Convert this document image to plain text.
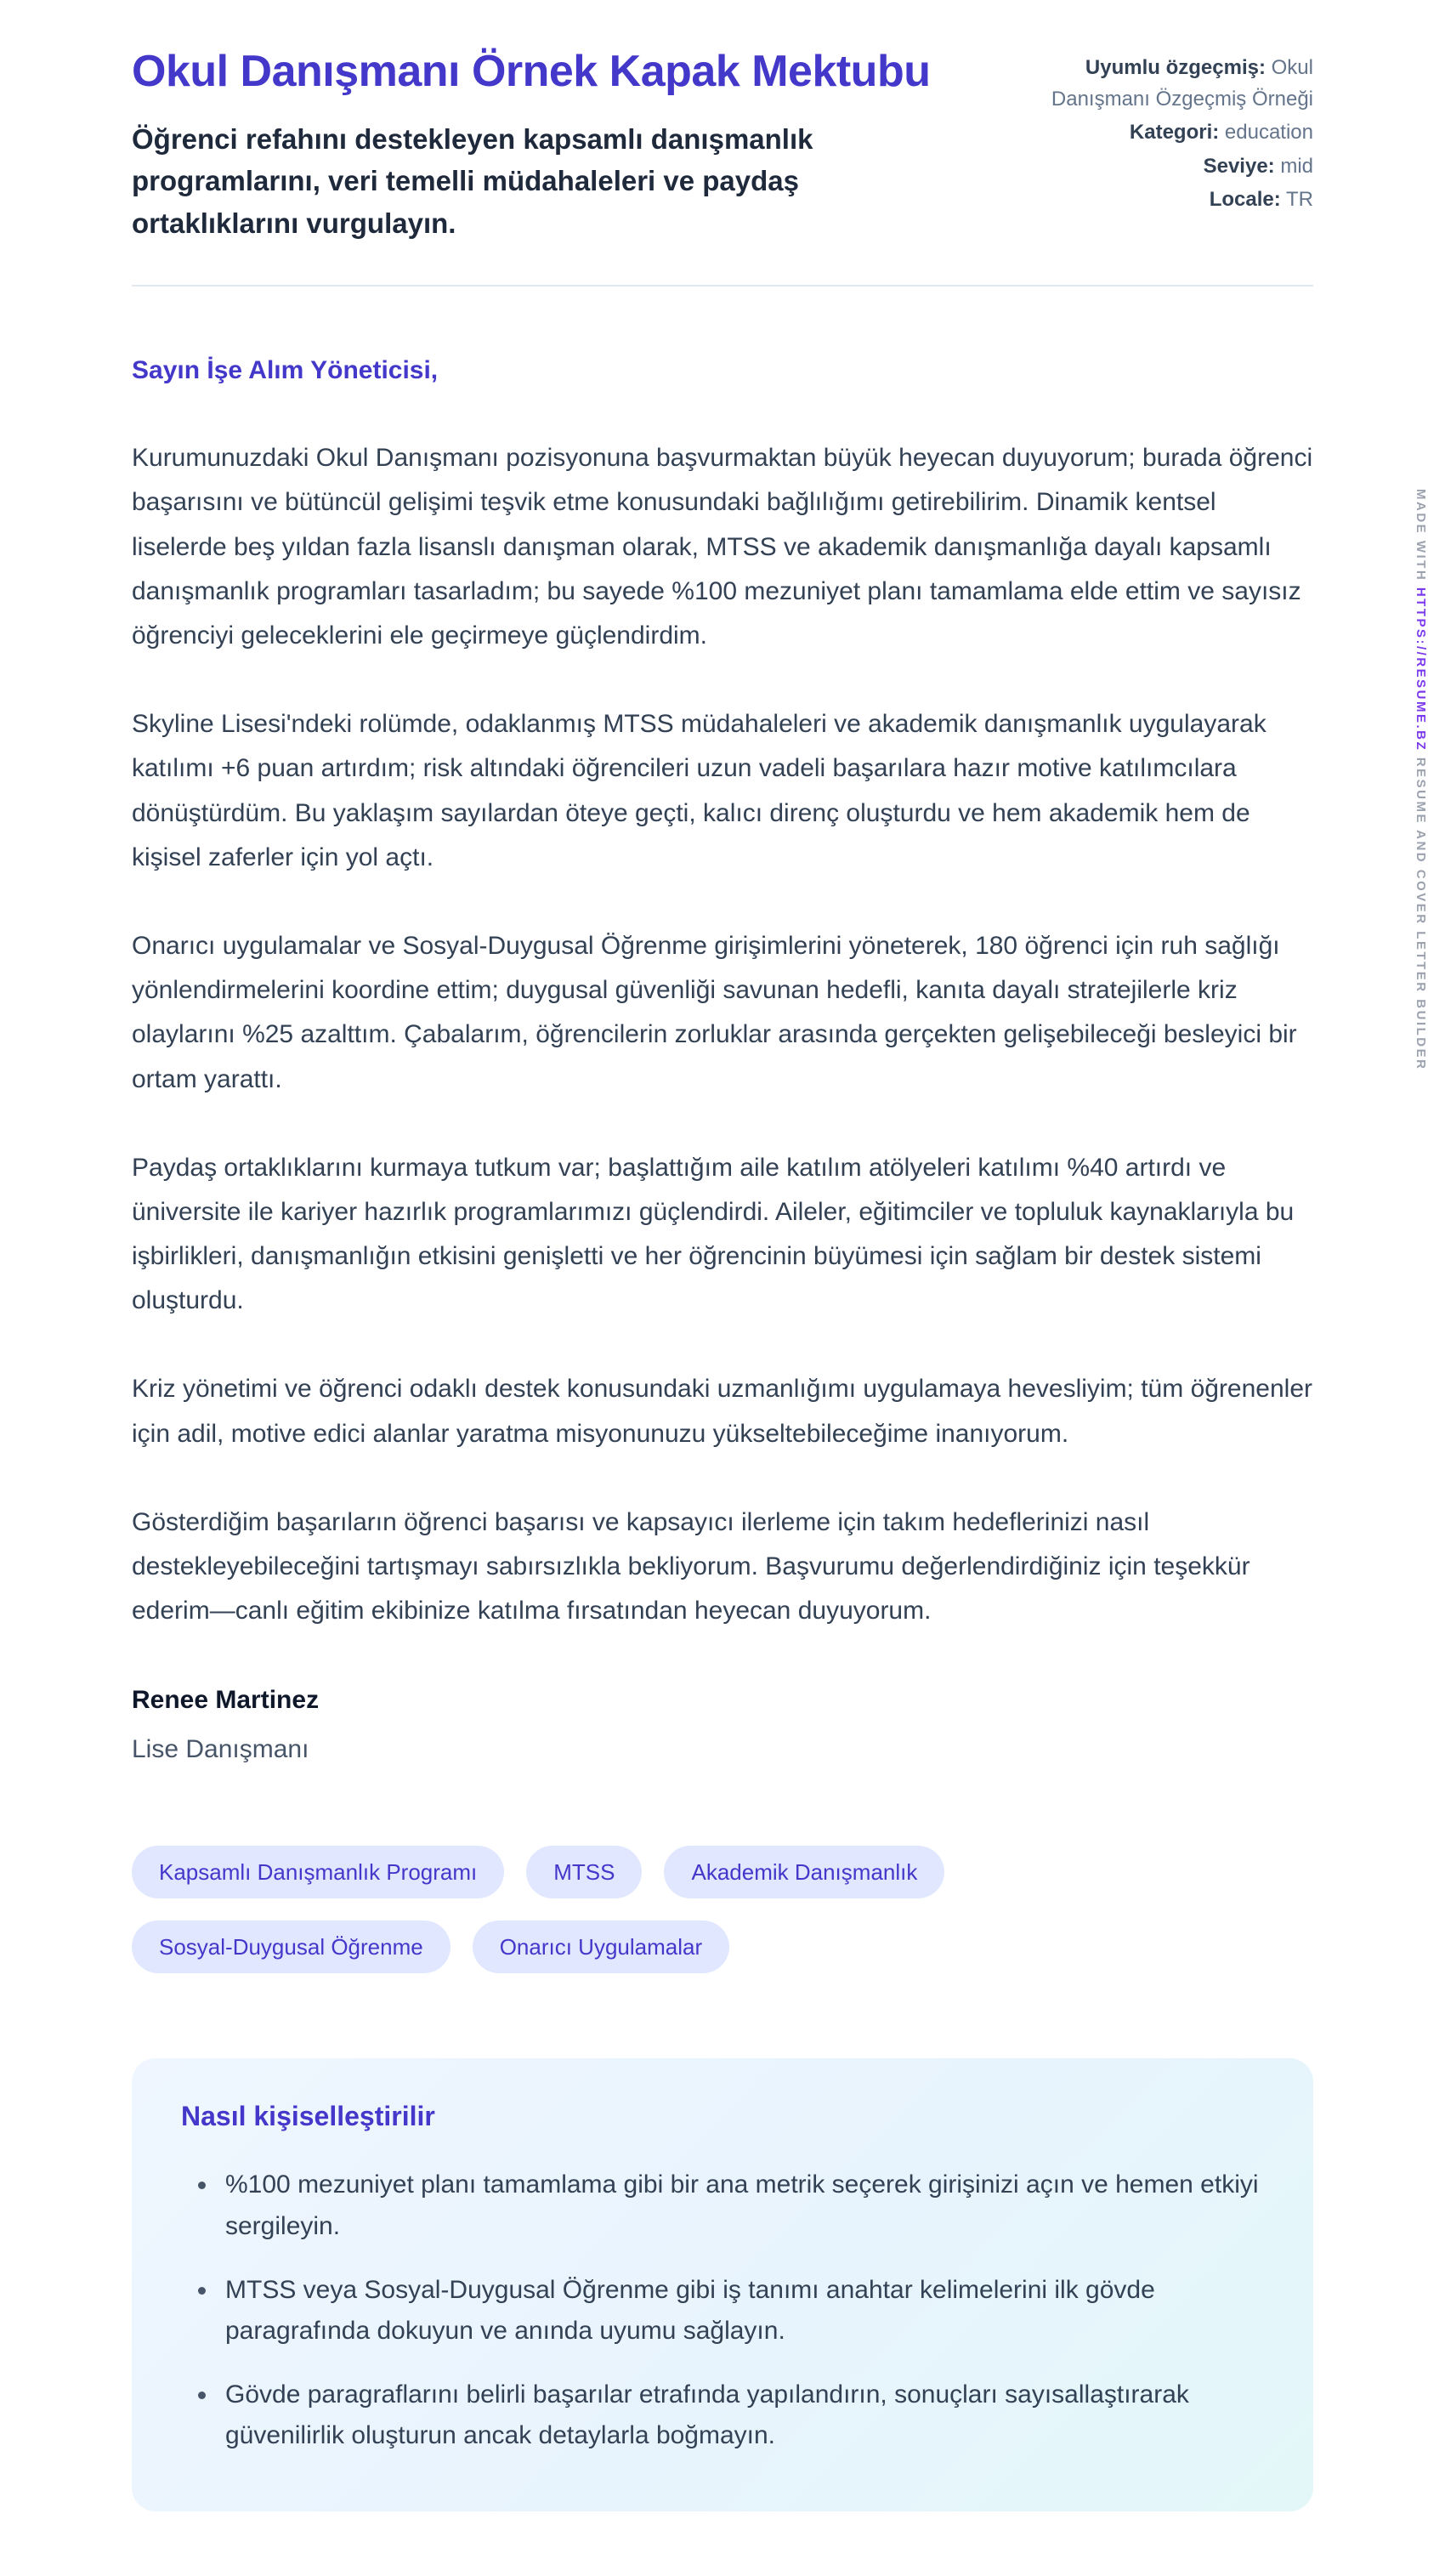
MADE WITH HTTPS://RESUME.BZ RESUME AND COVER LETTER BUILDER
Okul Danışmanı Örnek Kapak Mektubu

Öğrenci refahını destekleyen kapsamlı danışmanlık programlarını, veri temelli müdahaleleri ve paydaş ortaklıklarını vurgulayın.

Uyumlu özgeçmiş: Okul Danışmanı Özgeçmiş Örneği
Kategori: education
Seviye: mid
Locale: TR

Sayın İşe Alım Yöneticisi,

Kurumunuzdaki Okul Danışmanı pozisyonuna başvurmaktan büyük heyecan duyuyorum; burada öğrenci başarısını ve bütüncül gelişimi teşvik etme konusundaki bağlılığımı getirebilirim. Dinamik kentsel liselerde beş yıldan fazla lisanslı danışman olarak, MTSS ve akademik danışmanlığa dayalı kapsamlı danışmanlık programları tasarladım; bu sayede %100 mezuniyet planı tamamlama elde ettim ve sayısız öğrenciyi geleceklerini ele geçirmeye güçlendirdim.

Skyline Lisesi'ndeki rolümde, odaklanmış MTSS müdahaleleri ve akademik danışmanlık uygulayarak katılımı +6 puan artırdım; risk altındaki öğrencileri uzun vadeli başarılara hazır motive katılımcılara dönüştürdüm. Bu yaklaşım sayılardan öteye geçti, kalıcı direnç oluşturdu ve hem akademik hem de kişisel zaferler için yol açtı.

Onarıcı uygulamalar ve Sosyal-Duygusal Öğrenme girişimlerini yöneterek, 180 öğrenci için ruh sağlığı yönlendirmelerini koordine ettim; duygusal güvenliği savunan hedefli, kanıta dayalı stratejilerle kriz olaylarını %25 azalttım. Çabalarım, öğrencilerin zorluklar arasında gerçekten gelişebileceği besleyici bir ortam yarattı.

Paydaş ortaklıklarını kurmaya tutkum var; başlattığım aile katılım atölyeleri katılımı %40 artırdı ve üniversite ile kariyer hazırlık programlarımızı güçlendirdi. Aileler, eğitimciler ve topluluk kaynaklarıyla bu işbirlikleri, danışmanlığın etkisini genişletti ve her öğrencinin büyümesi için sağlam bir destek sistemi oluşturdu.

Kriz yönetimi ve öğrenci odaklı destek konusundaki uzmanlığımı uygulamaya hevesliyim; tüm öğrenenler için adil, motive edici alanlar yaratma misyonunuzu yükseltebileceğime inanıyorum.

Gösterdiğim başarıların öğrenci başarısı ve kapsayıcı ilerleme için takım hedeflerinizi nasıl destekleyebileceğini tartışmayı sabırsızlıkla bekliyorum. Başvurumu değerlendirdiğiniz için teşekkür ederim—canlı eğitim ekibinize katılma fırsatından heyecan duyuyorum.

Renee Martinez

Lise Danışmanı

Kapsamlı Danışmanlık Programı	MTSS	Akademik Danışmanlık
Sosyal-Duygusal Öğrenme	Onarıcı Uygulamalar
Nasıl kişiselleştirilir
• %100 mezuniyet planı tamamlama gibi bir ana metrik seçerek girişinizi açın ve hemen etkiyi sergileyin.
• MTSS veya Sosyal-Duygusal Öğrenme gibi iş tanımı anahtar kelimelerini ilk gövde paragrafında dokuyun ve anında uyumu sağlayın.
• Gövde paragraflarını belirli başarılar etrafında yapılandırın, sonuçları sayısallaştırarak güvenilirlik oluşturun ancak detaylarla boğmayın.
